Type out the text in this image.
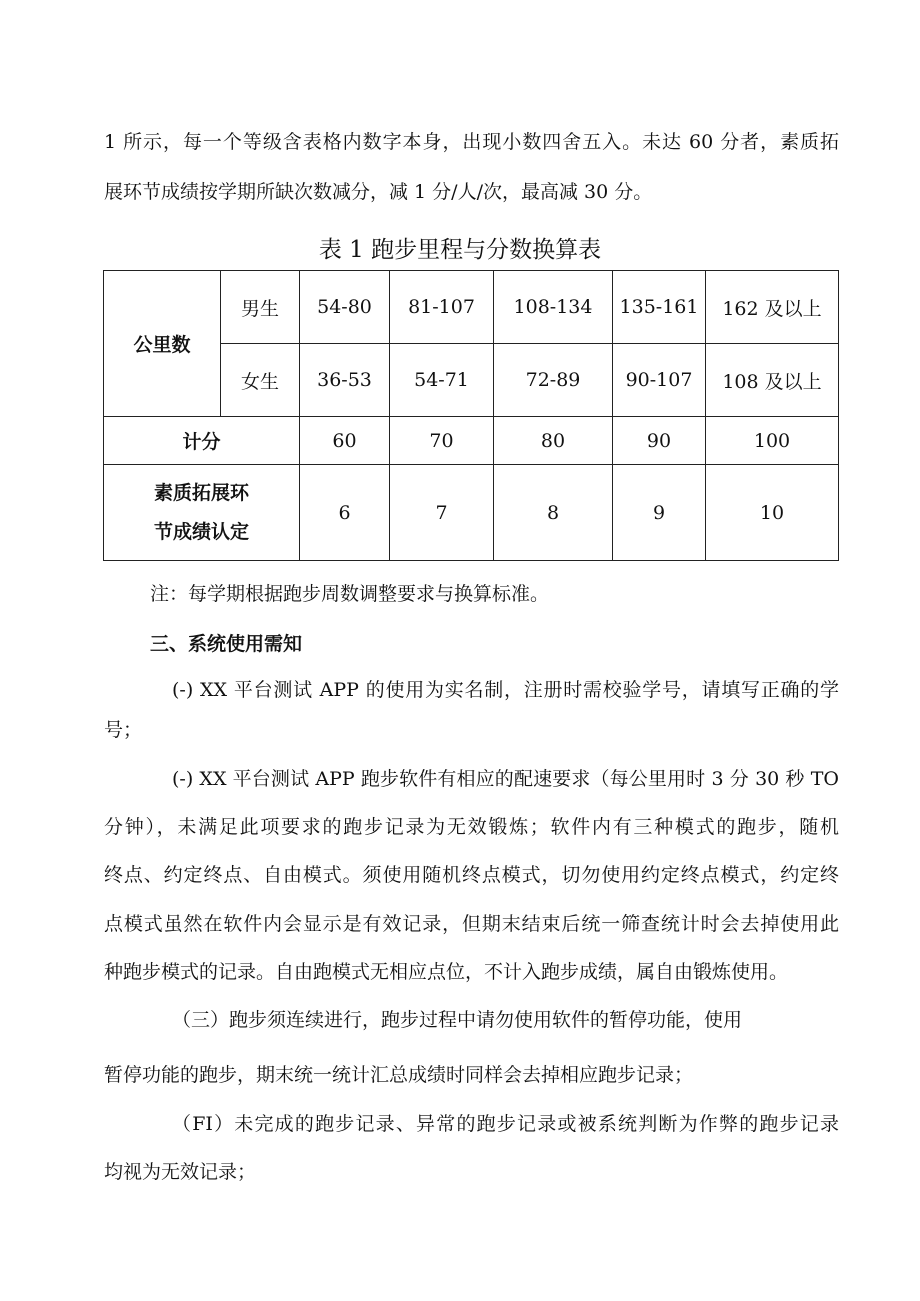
1 所示，每一个等级含表格内数字本身，出现小数四舍五入。未达 60 分者，素质拓
展环节成绩按学期所缺次数减分，减 1 分/人/次，最高减 30 分。
表 1 跑步里程与分数换算表
公里数	男生	54-80	81-107	108-134	135-161	162 及以上
	女生	36-53	54-71	72-89	90-107	108 及以上
计分		60	70	80	90	100

素质拓展环
节成绩认定		6	7	8	9	10
注：每学期根据跑步周数调整要求与换算标准。
三、系统使用需知
(-) XX 平台测试 APP 的使用为实名制，注册时需校验学号，请填写正确的学
号；
(-) XX 平台测试 APP 跑步软件有相应的配速要求（每公里用时 3 分 30 秒 TO
分钟），未满足此项要求的跑步记录为无效锻炼；软件内有三种模式的跑步，随机
终点、约定终点、自由模式。须使用随机终点模式，切勿使用约定终点模式，约定终
点模式虽然在软件内会显示是有效记录，但期末结束后统一筛查统计时会去掉使用此
种跑步模式的记录。自由跑模式无相应点位，不计入跑步成绩，属自由锻炼使用。
（三）跑步须连续进行，跑步过程中请勿使用软件的暂停功能，使用
暂停功能的跑步，期末统一统计汇总成绩时同样会去掉相应跑步记录；
（FI）未完成的跑步记录、异常的跑步记录或被系统判断为作弊的跑步记录
均视为无效记录；
